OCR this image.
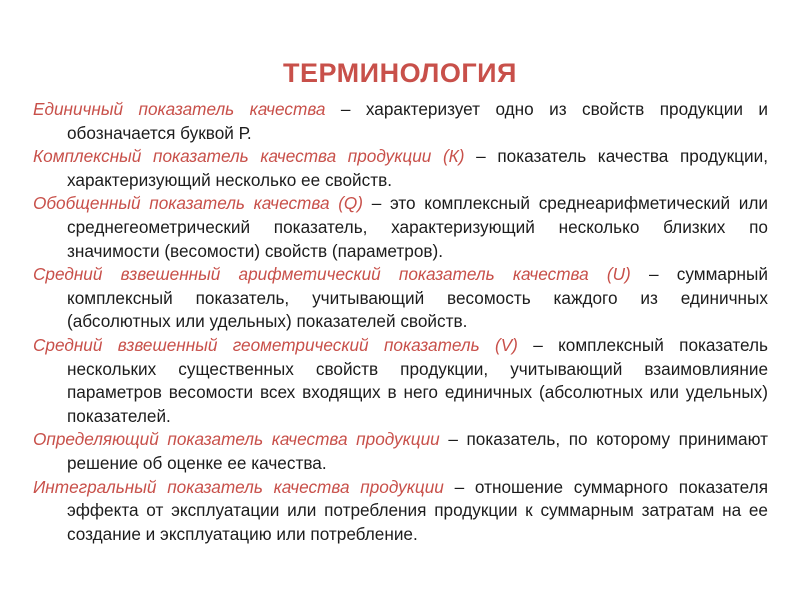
ТЕРМИНОЛОГИЯ

Единичный показатель качества – характеризует одно из свойств продукции и обозначается буквой Р.

Комплексный показатель качества продукции (К) – показатель качества продукции, характеризующий несколько ее свойств.

Обобщенный показатель качества (Q) – это комплексный среднеарифметический или среднегеометрический показатель, характеризующий несколько близких по значимости (весомости) свойств (параметров).

Средний взвешенный арифметический показатель качества (U) – суммарный комплексный показатель, учитывающий весомость каждого из единичных (абсолютных или удельных) показателей свойств.

Средний взвешенный геометрический показатель (V) – комплексный показатель нескольких существенных свойств продукции, учитывающий взаимовлияние параметров весомости всех входящих в него единичных (абсолютных или удельных) показателей.

Определяющий показатель качества продукции – показатель, по которому принимают решение об оценке ее качества.

Интегральный показатель качества продукции – отношение суммарного показателя эффекта от эксплуатации или потребления продукции к суммарным затратам на ее создание и эксплуатацию или потребление.
